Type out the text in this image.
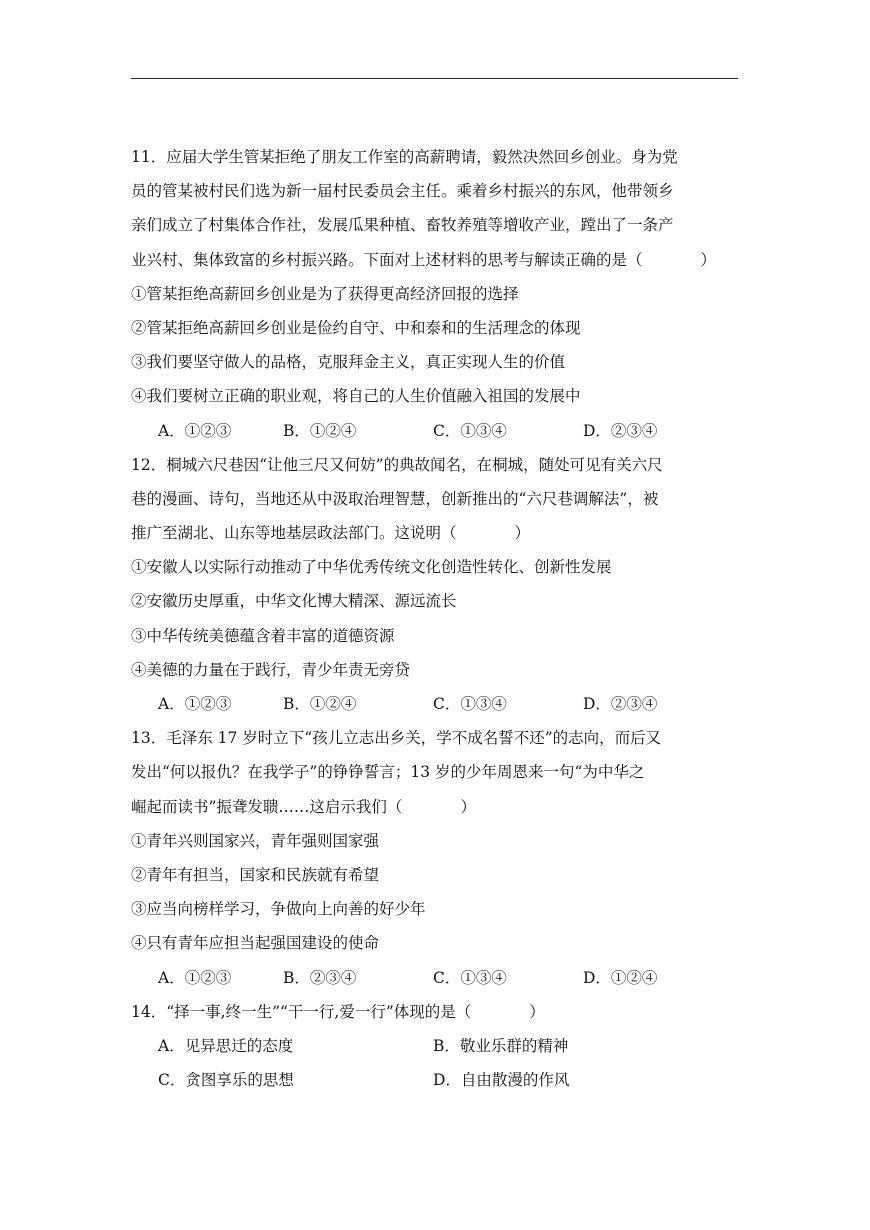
11．应届大学生管某拒绝了朋友工作室的高薪聘请，毅然决然回乡创业。身为党
员的管某被村民们选为新一届村民委员会主任。乘着乡村振兴的东风，他带领乡
亲们成立了村集体合作社，发展瓜果种植、畜牧养殖等增收产业，蹚出了一条产
业兴村、集体致富的乡村振兴路。下面对上述材料的思考与解读正确的是（	）
①管某拒绝高薪回乡创业是为了获得更高经济回报的选择
②管某拒绝高薪回乡创业是俭约自守、中和泰和的生活理念的体现
③我们要坚守做人的品格，克服拜金主义，真正实现人生的价值
④我们要树立正确的职业观，将自己的人生价值融入祖国的发展中
A．①②③	B．①②④	C．①③④	D．②③④
12．桐城六尺巷因“让他三尺又何妨”的典故闻名，在桐城，随处可见有关六尺
巷的漫画、诗句，当地还从中汲取治理智慧，创新推出的“六尺巷调解法”，被
推广至湖北、山东等地基层政法部门。这说明（	）
①安徽人以实际行动推动了中华优秀传统文化创造性转化、创新性发展
②安徽历史厚重，中华文化博大精深、源远流长
③中华传统美德蕴含着丰富的道德资源
④美德的力量在于践行，青少年责无旁贷
A．①②③	B．①②④	C．①③④	D．②③④
13．毛泽东 17 岁时立下“孩儿立志出乡关，学不成名誓不还”的志向，而后又
发出“何以报仇？在我学子”的铮铮誓言；13 岁的少年周恩来一句“为中华之
崛起而读书”振聋发聩……这启示我们（	）
①青年兴则国家兴，青年强则国家强
②青年有担当，国家和民族就有希望
③应当向榜样学习，争做向上向善的好少年
④只有青年应担当起强国建设的使命
A．①②③	B．②③④	C．①③④	D．①②④
14．“择一事,终一生”“干一行,爱一行”体现的是（	）
A．见异思迁的态度	B．敬业乐群的精神
C．贪图享乐的思想	D．自由散漫的作风
